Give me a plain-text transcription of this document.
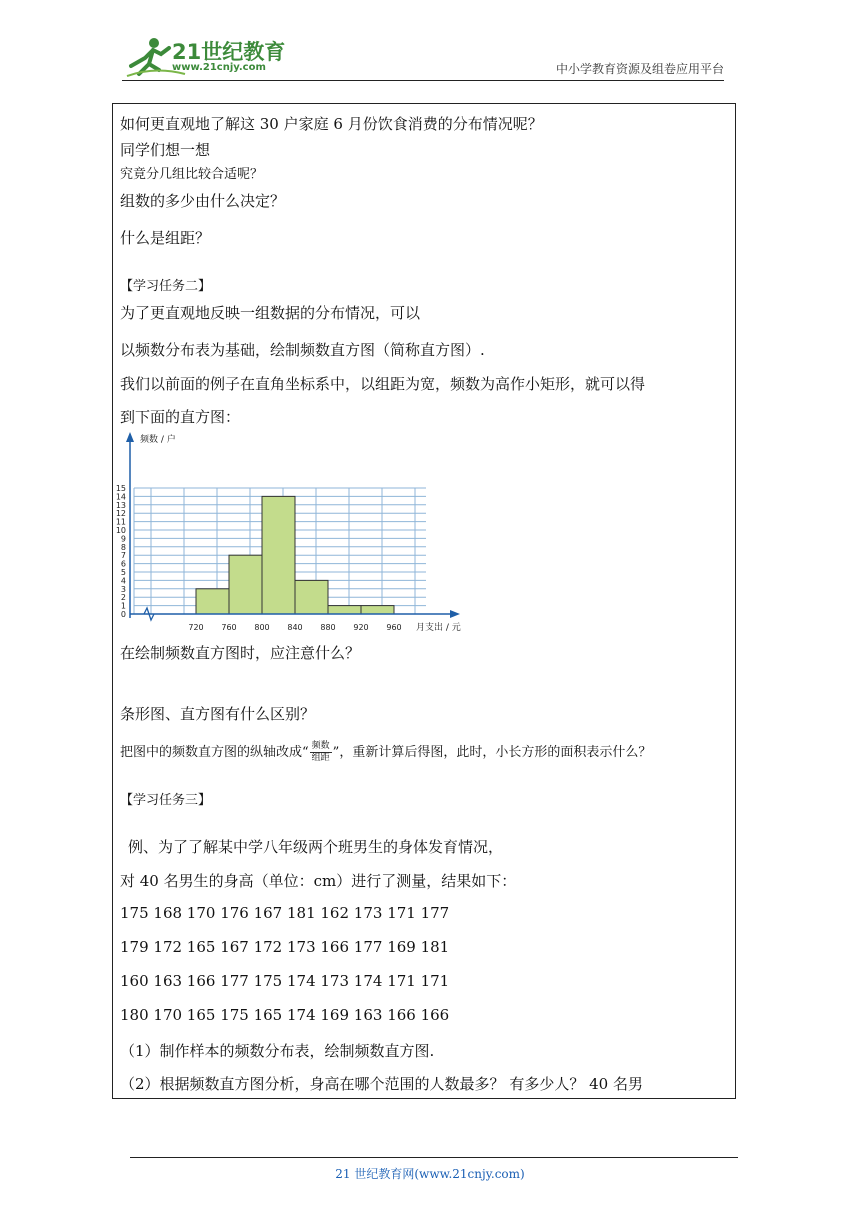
21世纪教育
www.21cnjy.com	中小学教育资源及组卷应用平台
如何更直观地了解这 30 户家庭 6 月份饮食消费的分布情况呢？
同学们想一想
究竟分几组比较合适呢？
组数的多少由什么决定？
什么是组距？
【学习任务二】
为了更直观地反映一组数据的分布情况，可以
以频数分布表为基础，绘制频数直方图（简称直方图）.
我们以前面的例子在直角坐标系中，以组距为宽，频数为高作小矩形，就可以得
到下面的直方图：
0
1
2
3
4
5
6
7
8
9
10
11
12
13
14
15
720 760 800 840 880 920 960
频数 / 户
月支出 / 元
在绘制频数直方图时，应注意什么？
条形图、直方图有什么区别？
把图中的频数直方图的纵轴改成“ $\frac{\text{频数}}{\text{组距}}$ ”，重新计算后得图，此时，小长方形的面积表示什么？
【学习任务三】
例、为了了解某中学八年级两个班男生的身体发育情况，
对 40 名男生的身高（单位：cm）进行了测量，结果如下：
175 168 170 176 167 181 162 173 171 177
179 172 165 167 172 173 166 177 169 181
160 163 166 177 175 174 173 174 171 171
180 170 165 175 165 174 169 163 166 166
（1）制作样本的频数分布表，绘制频数直方图.
（2）根据频数直方图分析，身高在哪个范围的人数最多？ 有多少人？ 40 名男
21 世纪教育网(www.21cnjy.com)
